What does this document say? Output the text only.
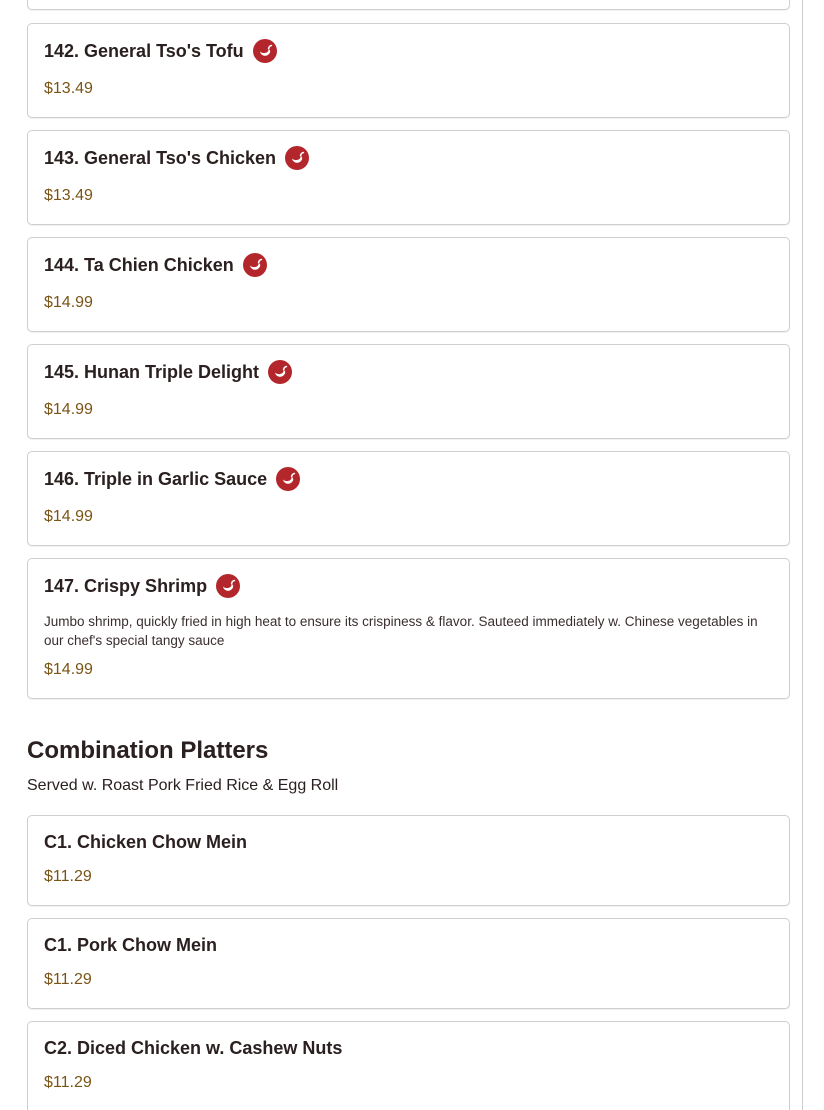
142. General Tso's Tofu
$13.49
143. General Tso's Chicken
$13.49
144. Ta Chien Chicken
$14.99
145. Hunan Triple Delight
$14.99
146. Triple in Garlic Sauce
$14.99
147. Crispy Shrimp
Jumbo shrimp, quickly fried in high heat to ensure its crispiness & flavor. Sauteed immediately w. Chinese vegetables in our chef's special tangy sauce
$14.99
Combination Platters
Served w. Roast Pork Fried Rice & Egg Roll
C1. Chicken Chow Mein
$11.29
C1. Pork Chow Mein
$11.29
C2. Diced Chicken w. Cashew Nuts
$11.29
